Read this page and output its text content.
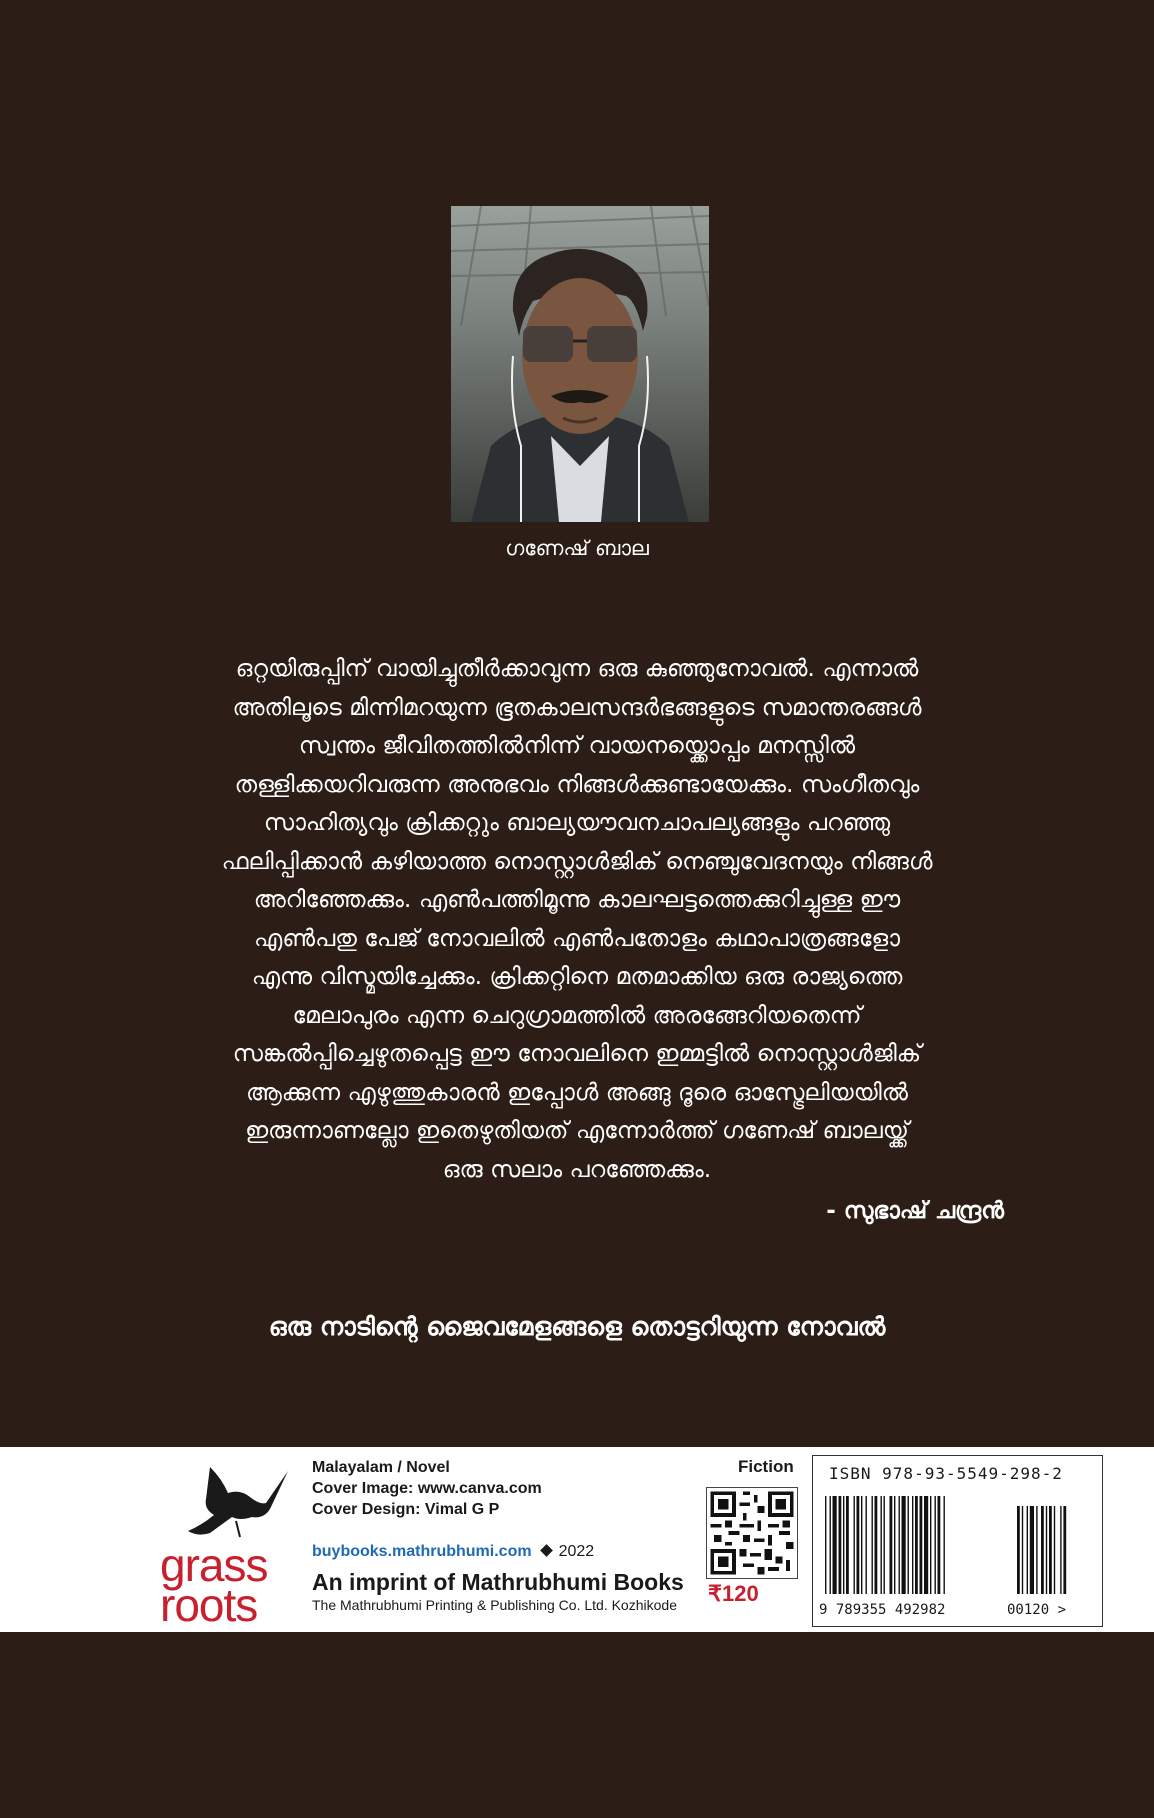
ഗണേഷ് ബാല

ഒറ്റയിരുപ്പിന് വായിച്ചുതീർക്കാവുന്ന ഒരു കുഞ്ഞുനോവൽ. എന്നാൽ

അതിലൂടെ മിന്നിമറയുന്ന ഭൂതകാലസന്ദർഭങ്ങളുടെ സമാന്തരങ്ങൾ

സ്വന്തം ജീവിതത്തിൽനിന്ന് വായനയ്ക്കൊപ്പം മനസ്സിൽ

തള്ളിക്കയറിവരുന്ന അനുഭവം നിങ്ങൾക്കുണ്ടായേക്കും. സംഗീതവും

സാഹിത്യവും ക്രിക്കറ്റും ബാല്യയൗവനചാപല്യങ്ങളും പറഞ്ഞു

ഫലിപ്പിക്കാൻ കഴിയാത്ത നൊസ്റ്റാൾജിക് നെഞ്ചുവേദനയും നിങ്ങൾ

അറിഞ്ഞേക്കും. എൺപത്തിമൂന്നു കാലഘട്ടത്തെക്കുറിച്ചുള്ള ഈ

എൺപതു പേജ് നോവലിൽ എൺപതോളം കഥാപാത്രങ്ങളോ

എന്നു വിസ്മയിച്ചേക്കും. ക്രിക്കറ്റിനെ മതമാക്കിയ ഒരു രാജ്യത്തെ

മേലാപുരം എന്ന ചെറുഗ്രാമത്തിൽ അരങ്ങേറിയതെന്ന്

സങ്കൽപ്പിച്ചെഴുതപ്പെട്ട ഈ നോവലിനെ ഇമ്മട്ടിൽ നൊസ്റ്റാൾജിക്

ആക്കുന്ന എഴുത്തുകാരൻ ഇപ്പോൾ അങ്ങു ദൂരെ ഓസ്ട്രേലിയയിൽ

ഇരുന്നാണല്ലോ ഇതെഴുതിയത് എന്നോർത്ത് ഗണേഷ് ബാലയ്ക്ക്

ഒരു സലാം പറഞ്ഞേക്കും.

- സുഭാഷ് ചന്ദ്രൻ
ഒരു നാടിന്റെ ജൈവമേളങ്ങളെ തൊട്ടറിയുന്ന നോവൽ
grass
roots
Malayalam / Novel
Cover Image: www.canva.com
Cover Design: Vimal G P
buybooks.mathrubhumi.com 2022
An imprint of Mathrubhumi Books
The Mathrubhumi Printing & Publishing Co. Ltd. Kozhikode
Fiction
₹120
ISBN 978-93-5549-298-2
9 789355 492982	00120 >
